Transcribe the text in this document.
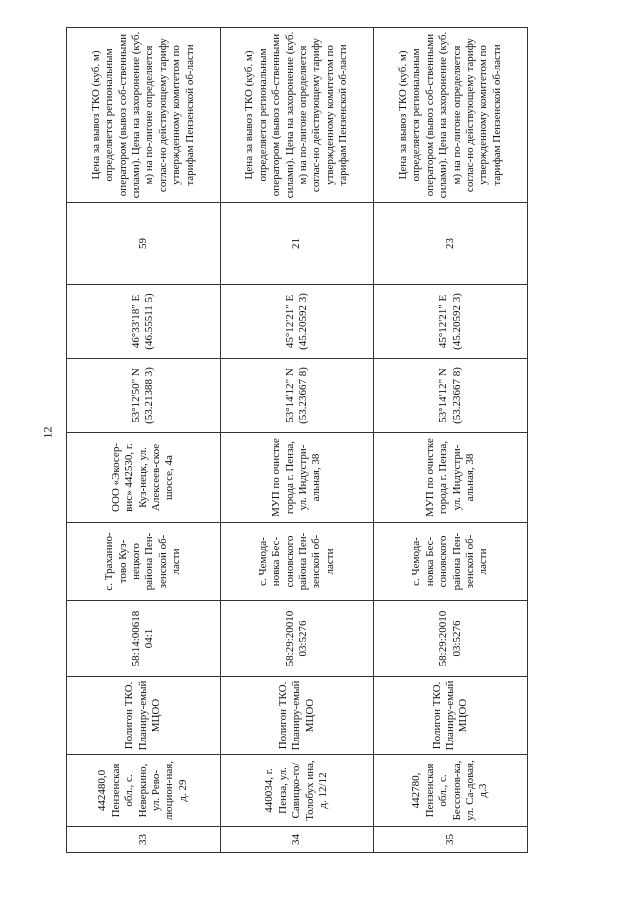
12
33	442480,0 Пензенская обл., с. Неверкино, ул. Рево-люцион-ная, д. 29	Полигон ТКО. Планиру-емый МЦОО	58:14:00618 04:1	с. Траханио-тово Куз-нецкого района Пен-зенской об-ласти	ООО «Экосер-вис» 442530, г. Куз-нецк, ул. Алексеев-ское шоссе, 4а	53°12'50" N (53.21388 3)	46°33'18" E (46.55511 5)	59	Цена за вывоз ТКО (куб. м) определяется региональным оператором (вывоз соб-ственными силами). Цена на захоронение (куб. м) на по-лигоне определяется соглас-но действующему тарифу утвержденному комитетом по тарифам Пензенской об-ласти
34	440034, г. Пенза, ул. Савицко-го/Толобух ина, д. 12/12	Полигон ТКО. Планиру-емый МЦОО	58:29:20010 03:5276	с. Чемода-новка Бес-соновского района Пен-зенской об-ласти	МУП по очистке города г. Пенза, ул. Индустри-альная, 38	53°14'12" N (53.23667 8)	45°12'21" E (45.20592 3)	21	Цена за вывоз ТКО (куб. м) определяется региональным оператором (вывоз соб-ственными силами). Цена на захоронение (куб. м) на по-лигоне определяется соглас-но действующему тарифу утвержденному комитетом по тарифам Пензенской об-ласти
35	442780, Пензенская обл., с. Бессонов-ка, ул. Са-довая, д.3	Полигон ТКО. Планиру-емый МЦОО	58:29:20010 03:5276	с. Чемода-новка Бес-соновского района Пен-зенской об-ласти	МУП по очистке города г. Пенза, ул. Индустри-альная, 38	53°14'12" N (53.23667 8)	45°12'21" E (45.20592 3)	23	Цена за вывоз ТКО (куб. м) определяется региональным оператором (вывоз соб-ственными силами). Цена на захоронение (куб. м) на по-лигоне определяется соглас-но действующему тарифу утвержденному комитетом по тарифам Пензенской об-ласти
